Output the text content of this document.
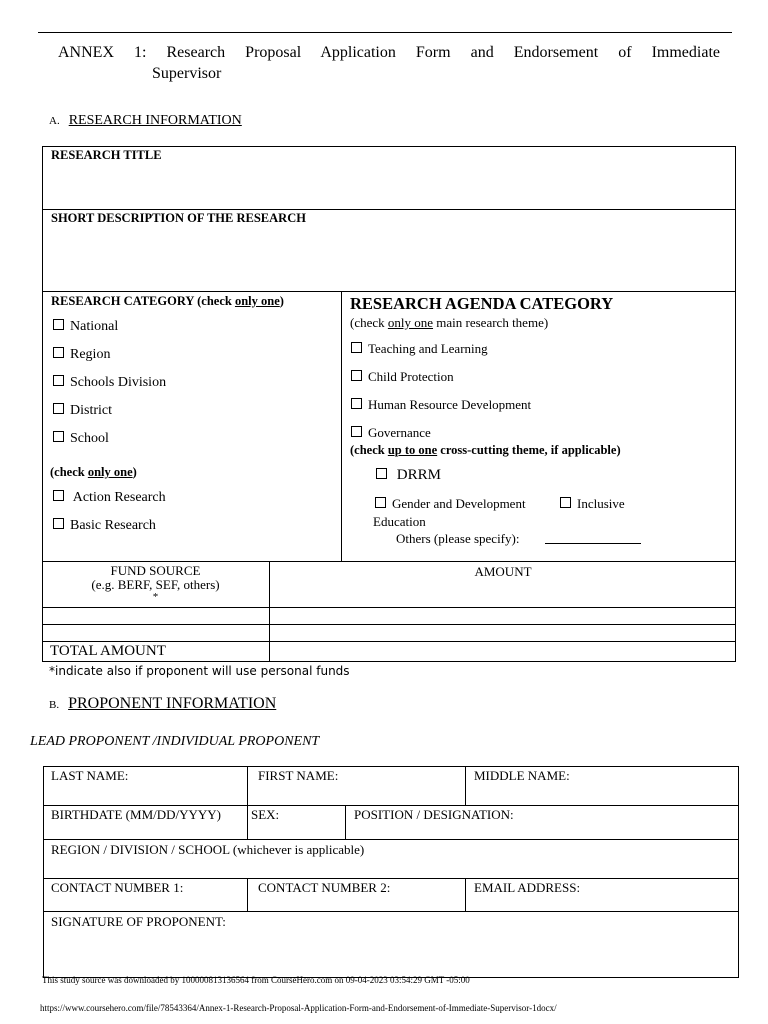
ANNEX 1: Research Proposal Application Form and Endorsement of Immediate
Supervisor
A. RESEARCH INFORMATION
RESEARCH TITLE
SHORT DESCRIPTION OF THE RESEARCH
RESEARCH CATEGORY (check only one)
National
Region
Schools Division
District
School
(check only one)
Action Research
Basic Research
RESEARCH AGENDA CATEGORY
(check only one main research theme)
Teaching and Learning
Child Protection
Human Resource Development
Governance
(check up to one cross-cutting theme, if applicable)
DRRM
Gender and Development	Inclusive
Education
Others (please specify):
FUND SOURCE
(e.g. BERF, SEF, others)
*
AMOUNT
TOTAL AMOUNT
*indicate also if proponent will use personal funds
B. PROPONENT INFORMATION
LEAD PROPONENT /INDIVIDUAL PROPONENT
LAST NAME:	FIRST NAME:	MIDDLE NAME:
BIRTHDATE (MM/DD/YYYY) SEX:	POSITION / DESIGNATION:
REGION / DIVISION / SCHOOL (whichever is applicable)
CONTACT NUMBER 1:	CONTACT NUMBER 2:	EMAIL ADDRESS:
SIGNATURE OF PROPONENT:
This study source was downloaded by 100000813136564 from CourseHero.com on 09-04-2023 03:54:29 GMT -05:00
https://www.coursehero.com/file/78543364/Annex-1-Research-Proposal-Application-Form-and-Endorsement-of-Immediate-Supervisor-1docx/
